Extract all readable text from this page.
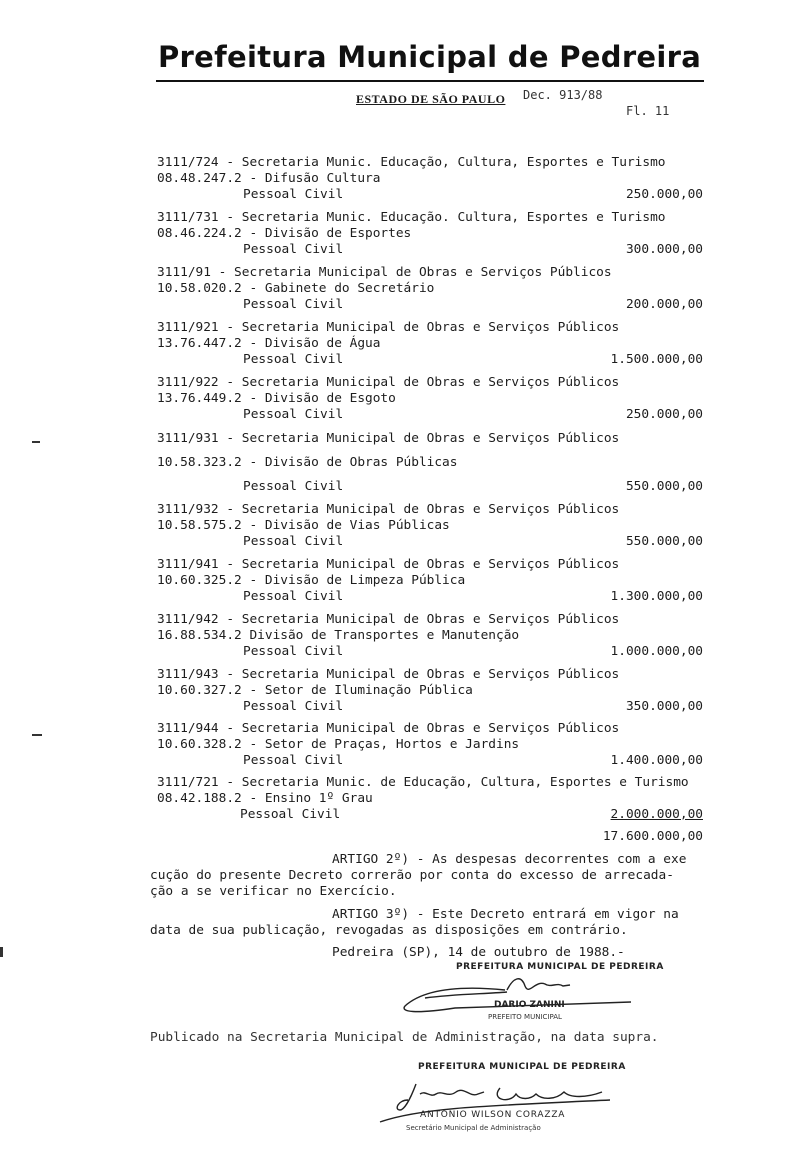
Prefeitura Municipal de Pedreira
ESTADO DE SÃO PAULO Dec. 913/88
Fl. 11
3111/724 - Secretaria Munic. Educação, Cultura, Esportes e Turismo
08.48.247.2 - Difusão Cultura
Pessoal Civil	250.000,00
3111/731 - Secretaria Munic. Educação. Cultura, Esportes e Turismo
08.46.224.2 - Divisão de Esportes
Pessoal Civil	300.000,00
3111/91 - Secretaria Municipal de Obras e Serviços Públicos
10.58.020.2 - Gabinete do Secretário
Pessoal Civil	200.000,00
3111/921 - Secretaria Municipal de Obras e Serviços Públicos
13.76.447.2 - Divisão de Água
Pessoal Civil	1.500.000,00
3111/922 - Secretaria Municipal de Obras e Serviços Públicos
13.76.449.2 - Divisão de Esgoto
Pessoal Civil	250.000,00
3111/931 - Secretaria Municipal de Obras e Serviços Públicos
10.58.323.2 - Divisão de Obras Públicas
Pessoal Civil	550.000,00
3111/932 - Secretaria Municipal de Obras e Serviços Públicos
10.58.575.2 - Divisão de Vias Públicas
Pessoal Civil	550.000,00
3111/941 - Secretaria Municipal de Obras e Serviços Públicos
10.60.325.2 - Divisão de Limpeza Pública
Pessoal Civil	1.300.000,00
3111/942 - Secretaria Municipal de Obras e Serviços Públicos
16.88.534.2 Divisão de Transportes e Manutenção
Pessoal Civil	1.000.000,00
3111/943 - Secretaria Municipal de Obras e Serviços Públicos
10.60.327.2 - Setor de Iluminação Pública
Pessoal Civil	350.000,00
3111/944 - Secretaria Municipal de Obras e Serviços Públicos
10.60.328.2 - Setor de Praças, Hortos e Jardins
Pessoal Civil	1.400.000,00
3111/721 - Secretaria Munic. de Educação, Cultura, Esportes e Turismo
08.42.188.2 - Ensino 1º Grau
Pessoal Civil	2.000.000,00
17.600.000,00
ARTIGO 2º) - As despesas decorrentes com a exe
cução do presente Decreto correrão por conta do excesso de arrecada-
ção a se verificar no Exercício.
ARTIGO 3º) - Este Decreto entrará em vigor na
data de sua publicação, revogadas as disposições em contrário.
Pedreira (SP), 14 de outubro de 1988.-
PREFEITURA MUNICIPAL DE PEDREIRA
DARIO ZANINI
PREFEITO MUNICIPAL
Publicado na Secretaria Municipal de Administração, na data supra.
PREFEITURA MUNICIPAL DE PEDREIRA
ANTONIO WILSON CORAZZA
Secretário Municipal de Administração
